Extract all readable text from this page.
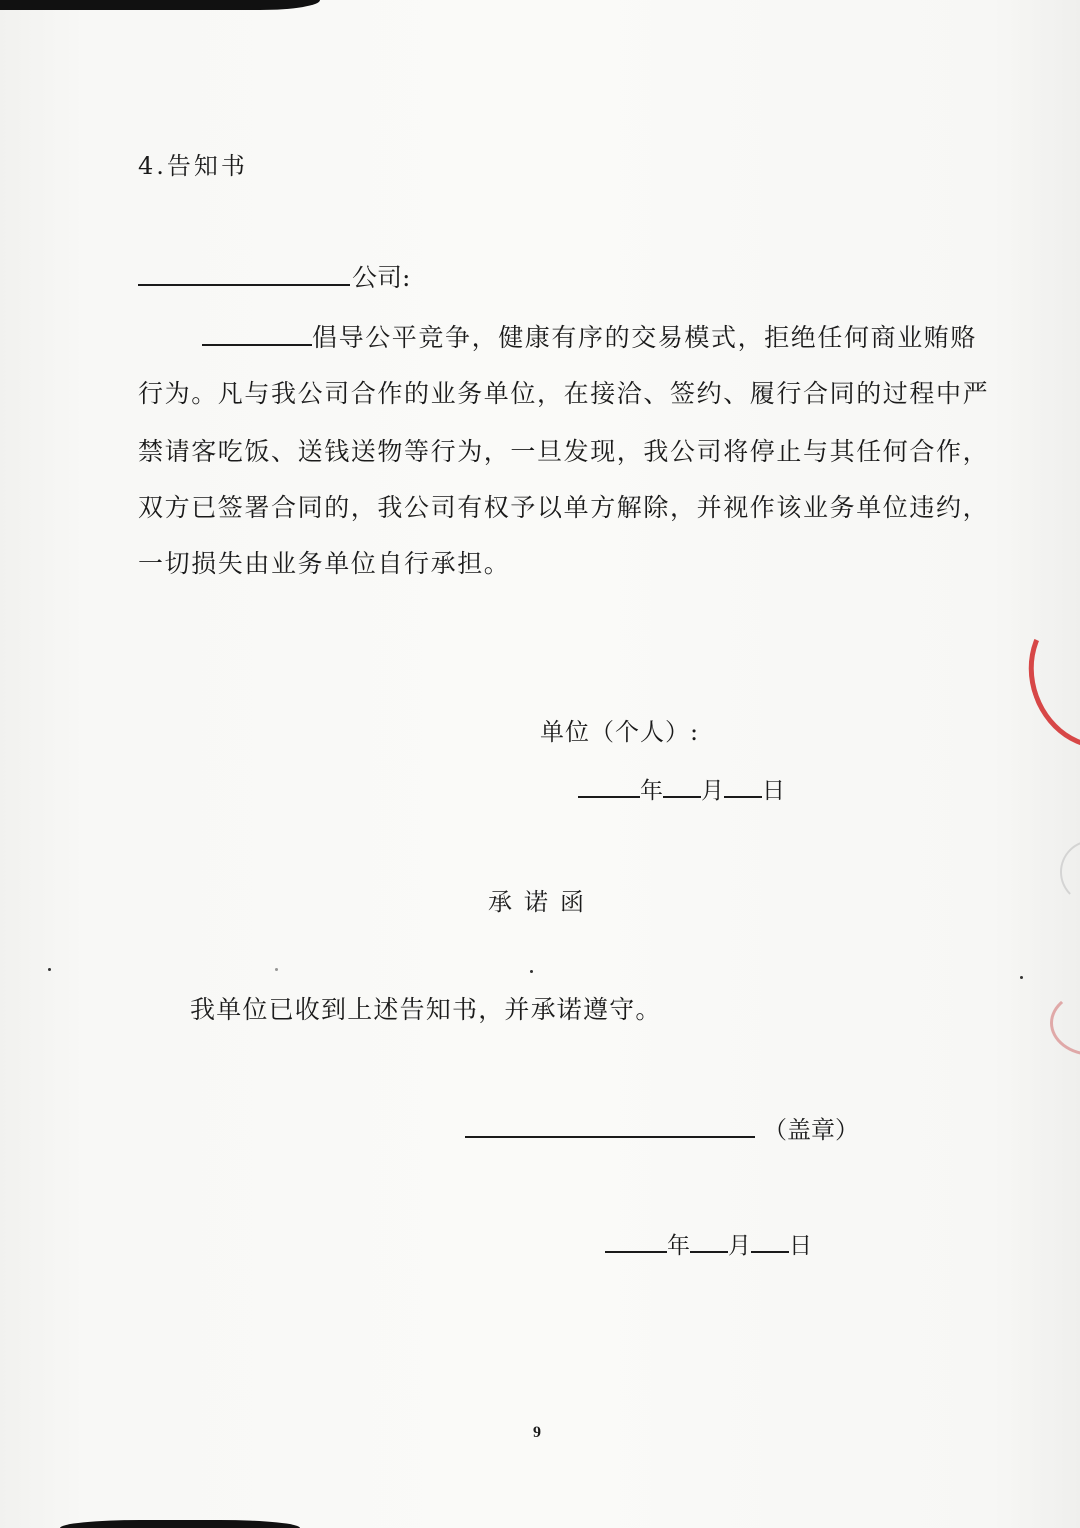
4.告知书
公司:
倡导公平竞争，健康有序的交易模式，拒绝任何商业贿赂
行为。凡与我公司合作的业务单位，在接洽、签约、履行合同的过程中严
禁请客吃饭、送钱送物等行为，一旦发现，我公司将停止与其任何合作，
双方已签署合同的，我公司有权予以单方解除，并视作该业务单位违约，
一切损失由业务单位自行承担。
单位（个人）:
年 月 日
承诺函
我单位已收到上述告知书，并承诺遵守。
（盖章）
年 月 日
9
